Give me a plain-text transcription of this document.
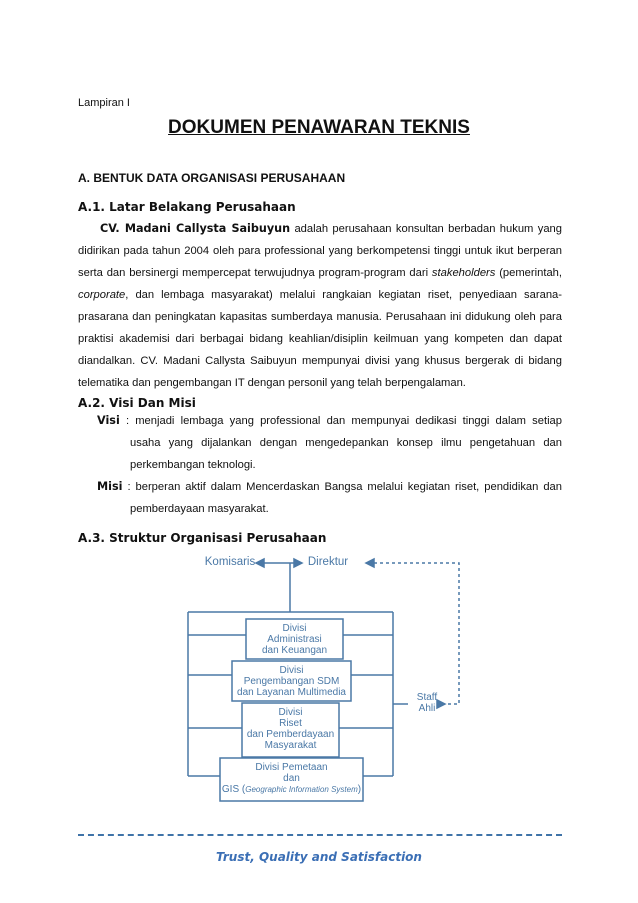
Lampiran I
DOKUMEN PENAWARAN TEKNIS
A. BENTUK DATA ORGANISASI PERUSAHAAN
A.1. Latar Belakang Perusahaan
CV. Madani Callysta Saibuyun adalah perusahaan konsultan berbadan hukum yang
didirikan pada tahun 2004 oleh para professional yang berkompetensi tinggi untuk ikut berperan
serta dan bersinergi mempercepat terwujudnya program-program dari stakeholders (pemerintah,
corporate, dan lembaga masyarakat) melalui rangkaian kegiatan riset, penyediaan sarana-
prasarana dan peningkatan kapasitas sumberdaya manusia. Perusahaan ini didukung oleh para
praktisi akademisi dari berbagai bidang keahlian/disiplin keilmuan yang kompeten dan dapat
diandalkan. CV. Madani Callysta Saibuyun mempunyai divisi yang khusus bergerak di bidang
telematika dan pengembangan IT dengan personil yang telah berpengalaman.
A.2. Visi Dan Misi
Visi : menjadi lembaga yang professional dan mempunyai dedikasi tinggi dalam setiap
usaha yang dijalankan dengan mengedepankan konsep ilmu pengetahuan dan
perkembangan teknologi.
Misi : berperan aktif dalam Mencerdaskan Bangsa melalui kegiatan riset, pendidikan dan
pemberdayaan masyarakat.
A.3. Struktur Organisasi Perusahaan
Komisaris	Direktur
Staff
Ahli
Divisi
Administrasi
dan Keuangan
Divisi
Pengembangan SDM
dan Layanan Multimedia
Divisi
Riset
dan Pemberdayaan
Masyarakat
Divisi Pemetaan
dan
GIS (Geographic Information System)
Trust, Quality and Satisfaction
